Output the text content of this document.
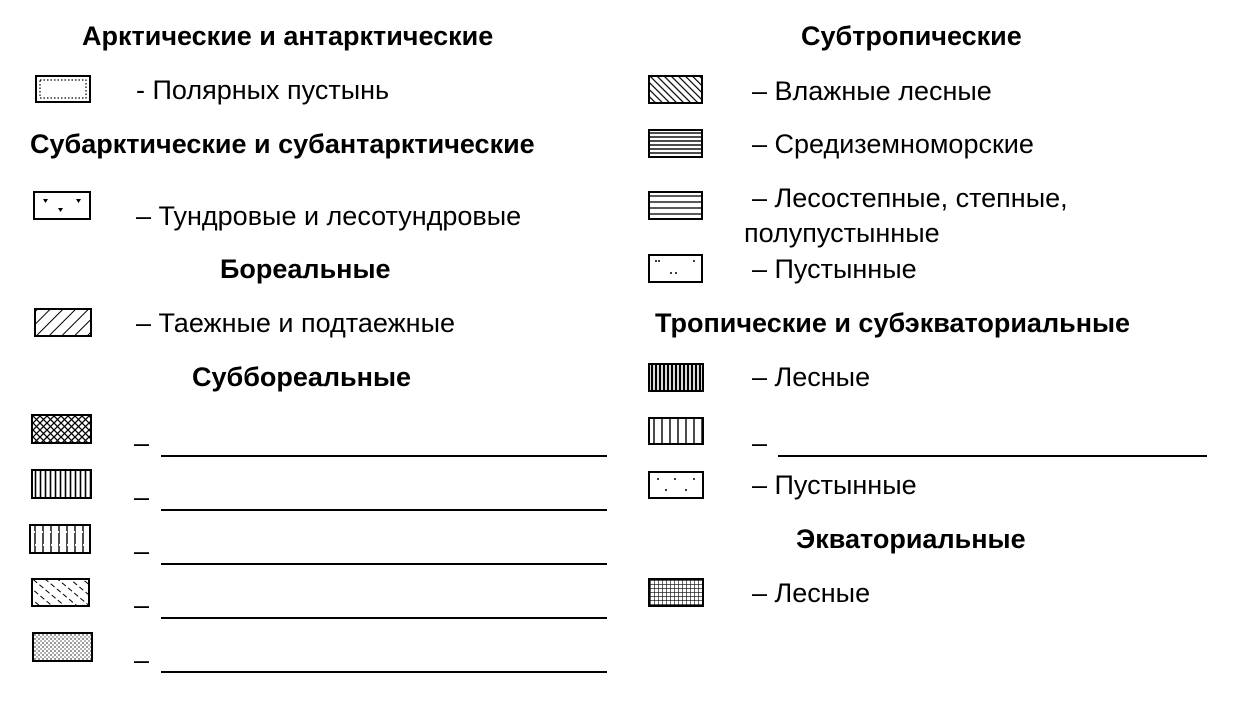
Арктические и антарктические
- Полярных пустынь
Субарктические и субантарктические
– Тундровые и лесотундровые
Бореальные
– Таежные и подтаежные
Суббореальные
–
–
–
–
–
Субтропические
– Влажные лесные
– Средиземноморские
– Лесостепные, степные,
полупустынные
– Пустынные
Тропические и субэкваториальные
– Лесные
–
– Пустынные
Экваториальные
– Лесные
